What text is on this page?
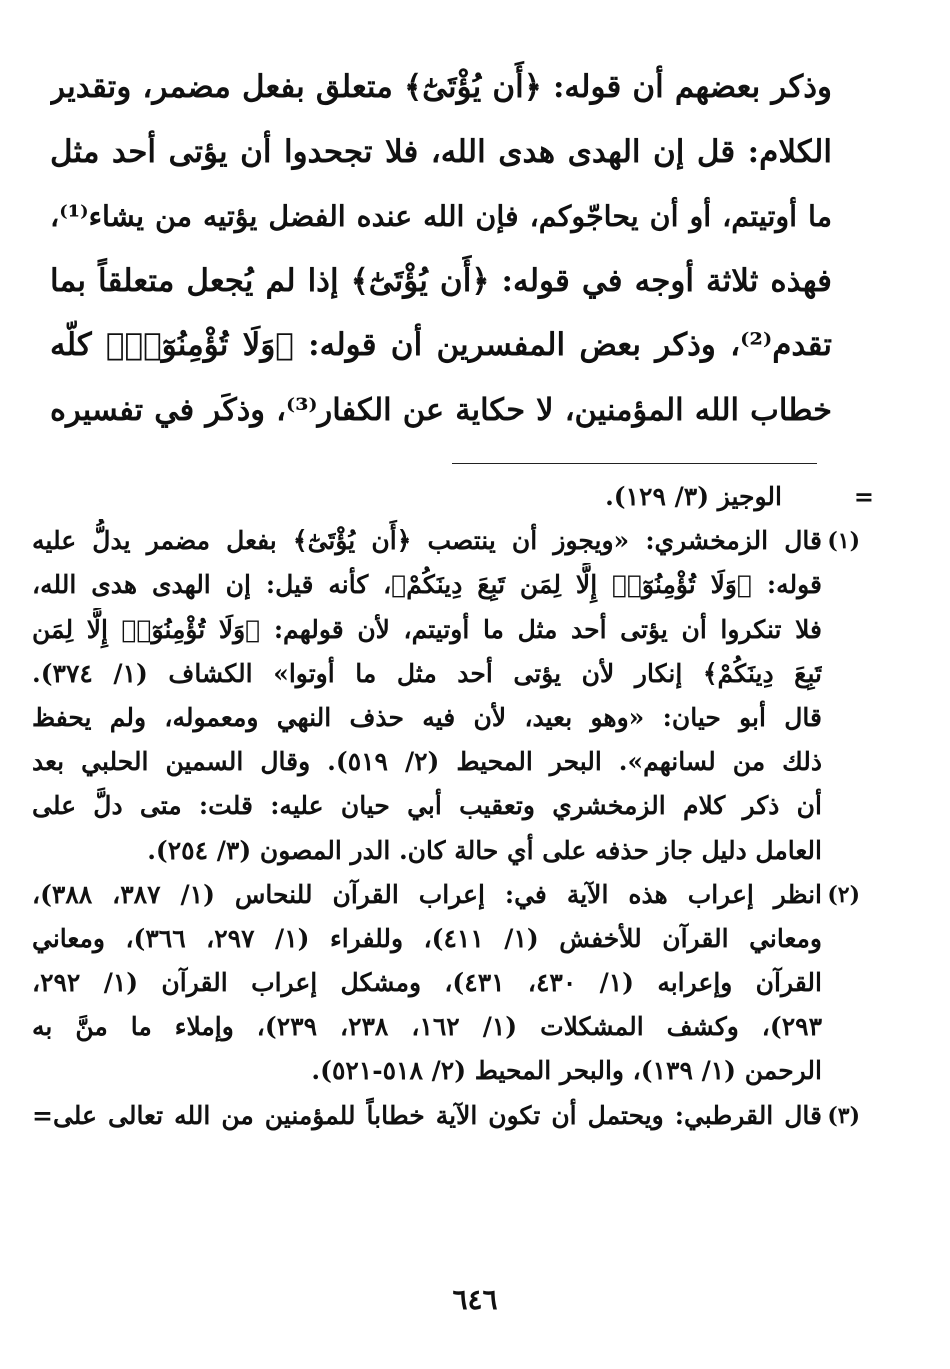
وذكر بعضهم أن قوله: ﴿أَن يُؤْتَىٰٓ﴾ متعلق بفعل مضمر، وتقدير
الكلام: قل إن الهدى هدى الله، فلا تجحدوا أن يؤتى أحد مثل
ما أوتيتم، أو أن يحاجّوكم، فإن الله عنده الفضل يؤتيه من يشاء⁽¹⁾،
فهذه ثلاثة أوجه في قوله: ﴿أَن يُؤْتَىٰٓ﴾ إذا لم يُجعل متعلقاً بما
تقدم⁽²⁾، وذكر بعض المفسرين أن قوله: ﴿وَلَا تُؤْمِنُوٓا۟﴾ كلّه
خطاب الله المؤمنين، لا حكاية عن الكفار⁽³⁾، وذكَر في تفسيره
=
الوجيز (٣/ ١٢٩).
(١)
قال الزمخشري: «ويجوز أن ينتصب ﴿أَن يُؤْتَىٰٓ﴾ بفعل مضمر يدلُّ عليه
قوله: ﴿وَلَا تُؤْمِنُوٓا۟ إِلَّا لِمَن تَبِعَ دِينَكُمْ﴾، كأنه قيل: إن الهدى هدى الله،
فلا تنكروا أن يؤتى أحد مثل ما أوتيتم، لأن قولهم: ﴿وَلَا تُؤْمِنُوٓا۟ إِلَّا لِمَن
تَبِعَ دِينَكُمْ﴾ إنكار لأن يؤتى أحد مثل ما أوتوا» الكشاف (١/ ٣٧٤).
قال أبو حيان: «وهو بعيد، لأن فيه حذف النهي ومعموله، ولم يحفظ
ذلك من لسانهم». البحر المحيط (٢/ ٥١٩). وقال السمين الحلبي بعد
أن ذكر كلام الزمخشري وتعقيب أبي حيان عليه: قلت: متى دلَّ على
العامل دليل جاز حذفه على أي حالة كان. الدر المصون (٣/ ٢٥٤).
(٢)
انظر إعراب هذه الآية في: إعراب القرآن للنحاس (١/ ٣٨٧، ٣٨٨)،
ومعاني القرآن للأخفش (١/ ٤١١)، وللفراء (١/ ٢٩٧، ٣٦٦)، ومعاني
القرآن وإعرابه (١/ ٤٣٠، ٤٣١)، ومشكل إعراب القرآن (١/ ٢٩٢،
٢٩٣)، وكشف المشكلات (١/ ١٦٢، ٢٣٨، ٢٣٩)، وإملاء ما منَّ به
الرحمن (١/ ١٣٩)، والبحر المحيط (٢/ ٥١٨-٥٢١).
(٣)
قال القرطبي: ويحتمل أن تكون الآية خطاباً للمؤمنين من الله تعالى على=
٦٤٦
